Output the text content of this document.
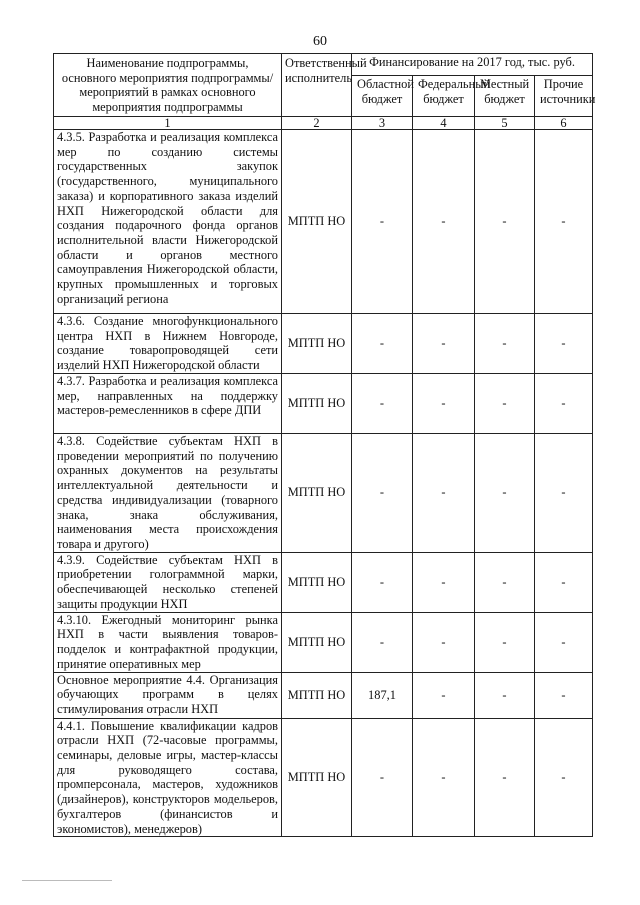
60
Наименование подпрограммы, основного мероприятия подпрограммы/мероприятий в рамках основного мероприятия подпрограммы	Ответственный исполнитель	Финансирование на 2017 год, тыс. руб.			
		Областной бюджет	Федеральный бюджет	Местный бюджет	Прочие источники
1	2	3	4	5	6
4.3.5. Разработка и реализация комплекса мер по созданию системы государственных закупок (государственного, муниципального заказа) и корпоративного заказа изделий НХП Нижегородской области для создания подарочного фонда органов исполнительной власти Нижегородской области и органов местного самоуправления Нижегородской области, крупных промышленных и торговых организаций региона	МПТП НО	-	-	-	-
4.3.6. Создание многофункционального центра НХП в Нижнем Новгороде, создание товаропроводящей сети изделий НХП Нижегородской области	МПТП НО	-	-	-	-
4.3.7. Разработка и реализация комплекса мер, направленных на поддержку мастеров-ремесленников в сфере ДПИ	МПТП НО	-	-	-	-
4.3.8. Содействие субъектам НХП в проведении мероприятий по получению охранных документов на результаты интеллектуальной деятельности и средства индивидуализации (товарного знака, знака обслуживания, наименования места происхождения товара и другого)	МПТП НО	-	-	-	-
4.3.9. Содействие субъектам НХП в приобретении голограммной марки, обеспечивающей несколько степеней защиты продукции НХП	МПТП НО	-	-	-	-
4.3.10. Ежегодный мониторинг рынка НХП в части выявления товаров-подделок и контрафактной продукции, принятие оперативных мер	МПТП НО	-	-	-	-
Основное мероприятие 4.4. Организация обучающих программ в целях стимулирования отрасли НХП	МПТП НО	187,1	-	-	-
4.4.1. Повышение квалификации кадров отрасли НХП (72-часовые программы, семинары, деловые игры, мастер-классы для руководящего состава, промперсонала, мастеров, художников (дизайнеров), конструкторов модельеров, бухгалтеров (финансистов и экономистов), менеджеров)	МПТП НО	-	-	-	-
